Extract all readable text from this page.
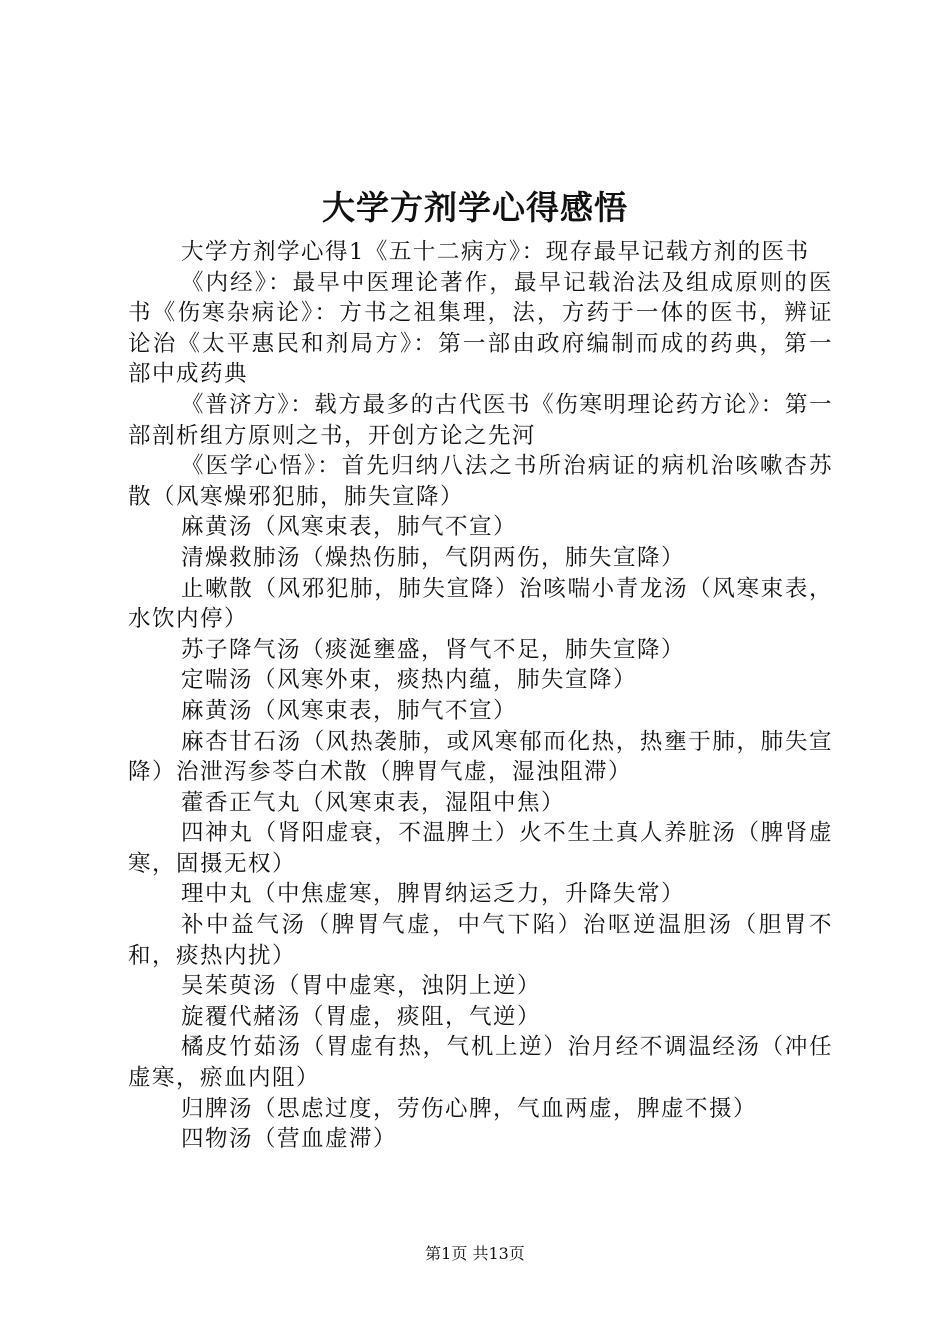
大学方剂学心得感悟

大学方剂学心得1《五十二病方》：现存最早记载方剂的医书

《内经》：最早中医理论著作，最早记载治法及组成原则的医书《伤寒杂病论》：方书之祖集理，法，方药于一体的医书，辨证论治《太平惠民和剂局方》：第一部由政府编制而成的药典，第一部中成药典

《普济方》：载方最多的古代医书《伤寒明理论药方论》：第一部剖析组方原则之书，开创方论之先河

《医学心悟》：首先归纳八法之书所治病证的病机治咳嗽杏苏散（风寒燥邪犯肺，肺失宣降）

麻黄汤（风寒束表，肺气不宣）

清燥救肺汤（燥热伤肺，气阴两伤，肺失宣降）

止嗽散（风邪犯肺，肺失宣降）治咳喘小青龙汤（风寒束表，水饮内停）

苏子降气汤（痰涎壅盛，肾气不足，肺失宣降）

定喘汤（风寒外束，痰热内蕴，肺失宣降）

麻黄汤（风寒束表，肺气不宣）

麻杏甘石汤（风热袭肺，或风寒郁而化热，热壅于肺，肺失宣降）治泄泻参苓白术散（脾胃气虚，湿浊阻滞）

藿香正气丸（风寒束表，湿阻中焦）

四神丸（肾阳虚衰，不温脾土）火不生土真人养脏汤（脾肾虚寒，固摄无权）

理中丸（中焦虚寒，脾胃纳运乏力，升降失常）

补中益气汤（脾胃气虚，中气下陷）治呕逆温胆汤（胆胃不和，痰热内扰）

吴茱萸汤（胃中虚寒，浊阴上逆）

旋覆代赭汤（胃虚，痰阻，气逆）

橘皮竹茹汤（胃虚有热，气机上逆）治月经不调温经汤（冲任虚寒，瘀血内阻）

归脾汤（思虑过度，劳伤心脾，气血两虚，脾虚不摄）

四物汤（营血虚滞）

第1页 共13页
